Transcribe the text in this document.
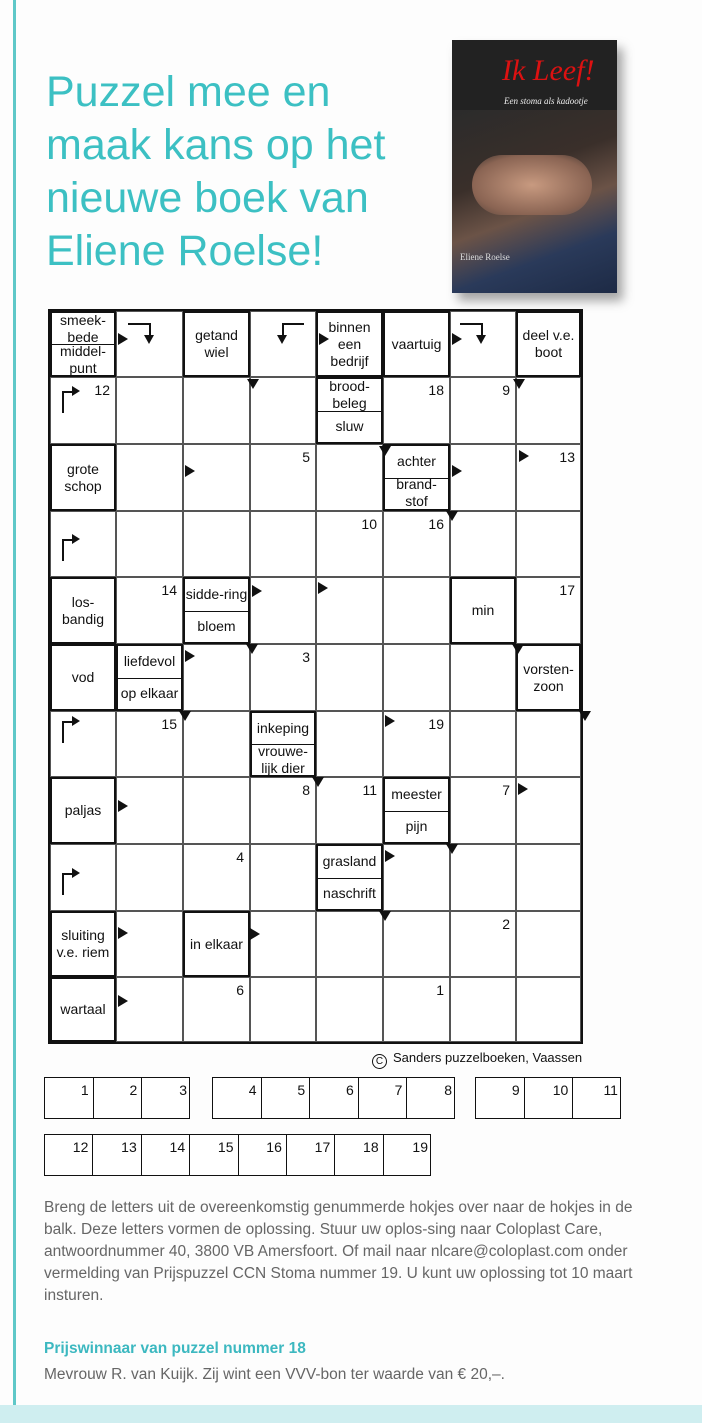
Puzzel mee en maak kans op het nieuwe boek van Eliene Roelse!
Ik Leef!
Een stoma als kadootje
Eliene Roelse
smeek-bede
middel-punt
getand wiel
binnen een bedrijf
vaartuig
deel v.e. boot
12	brood-beleg
sluw
18	9
grote schop
5	achter
brand-stof
13
10	16
los-bandig
14 sidde-ring
bloem
min
17
vod
liefdevol
op elkaar
3
vorsten-zoon
15	inkeping
vrouwe-lijk dier
19
paljas
8	11	meester
pijn
7
4	grasland
naschrift
sluiting v.e. riem
in elkaar
2
wartaal
6	1
C Sanders puzzelboeken, Vaassen
1	2	3	4	5	6	7	8	9 10	11
12 13 14 15 16 17 18 19

Breng de letters uit de overeenkomstig genummerde hokjes over naar de hokjes in de balk. Deze letters vormen de oplossing. Stuur uw oplos-sing naar Coloplast Care, antwoordnummer 40, 3800 VB Amersfoort. Of mail naar nlcare@coloplast.com onder vermelding van Prijspuzzel CCN Stoma nummer 19. U kunt uw oplossing tot 10 maart insturen.

Prijswinnaar van puzzel nummer 18

Mevrouw R. van Kuijk. Zij wint een VVV-bon ter waarde van € 20,–.
